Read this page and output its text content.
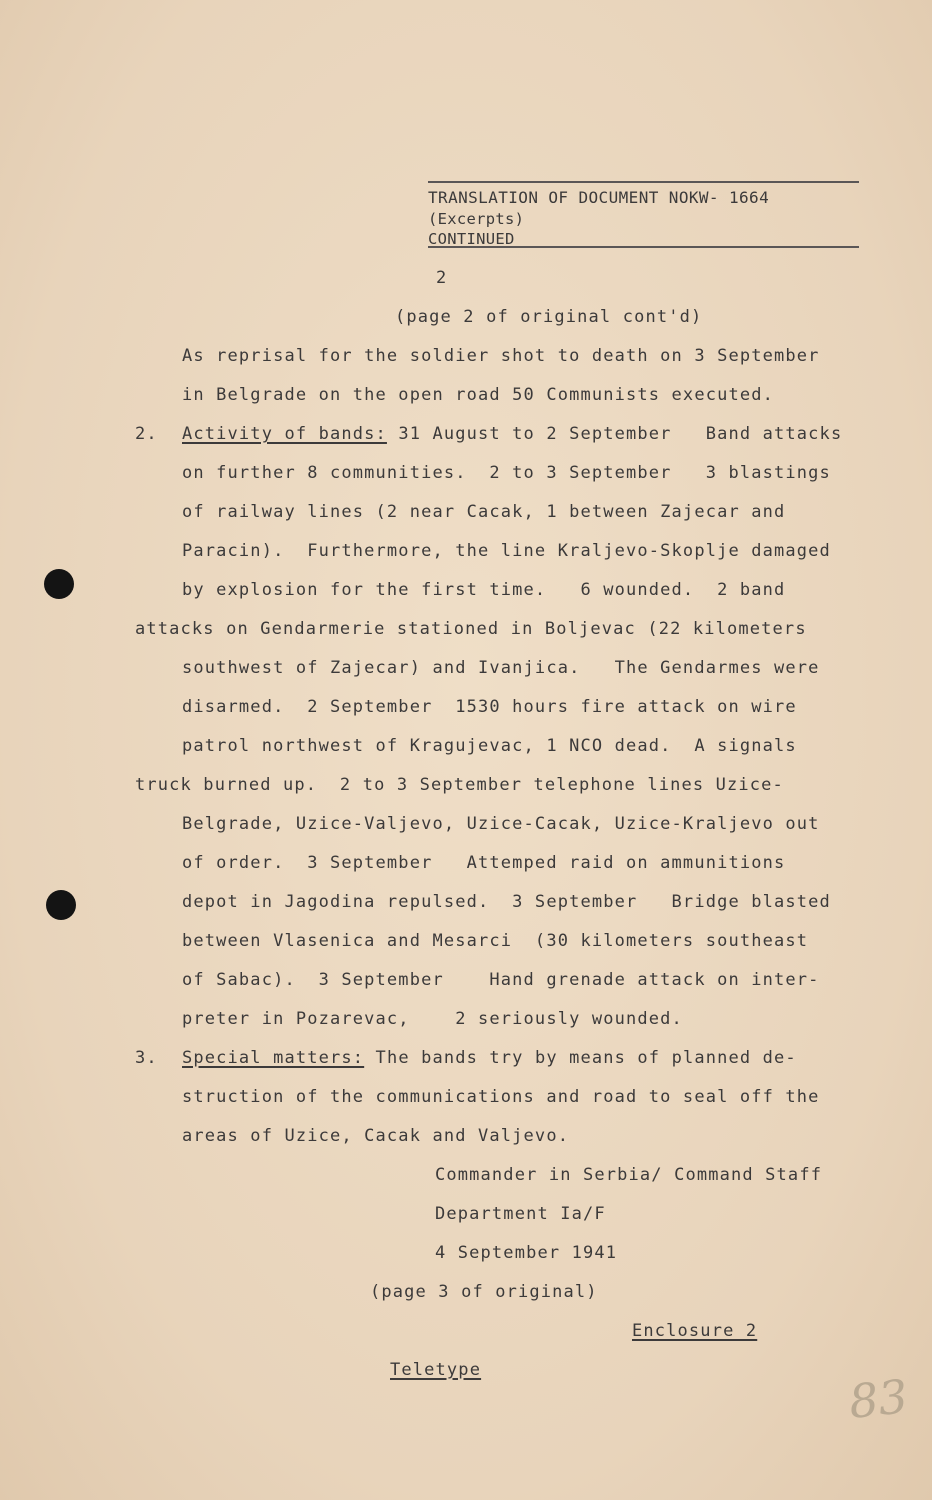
TRANSLATION OF DOCUMENT NOKW- 1664
(Excerpts)
CONTINUED
2
(page 2 of original cont'd)
As reprisal for the soldier shot to death on 3 September
in Belgrade on the open road 50 Communists executed.
2. Activity of bands: 31 August to 2 September   Band attacks
on further 8 communities.  2 to 3 September   3 blastings
of railway lines (2 near Cacak, 1 between Zajecar and
Paracin).  Furthermore, the line Kraljevo-Skoplje damaged
by explosion for the first time.   6 wounded.  2 band
attacks on Gendarmerie stationed in Boljevac (22 kilometers
southwest of Zajecar) and Ivanjica.   The Gendarmes were
disarmed.  2 September  1530 hours fire attack on wire
patrol northwest of Kragujevac, 1 NCO dead.  A signals
truck burned up.  2 to 3 September telephone lines Uzice-
Belgrade, Uzice-Valjevo, Uzice-Cacak, Uzice-Kraljevo out
of order.  3 September   Attemped raid on ammunitions
depot in Jagodina repulsed.  3 September   Bridge blasted
between Vlasenica and Mesarci  (30 kilometers southeast
of Sabac).  3 September    Hand grenade attack on inter-
preter in Pozarevac,    2 seriously wounded.
3. Special matters: The bands try by means of planned de-
struction of the communications and road to seal off the
areas of Uzice, Cacak and Valjevo.
Commander in Serbia/ Command Staff
Department Ia/F
4 September 1941
(page 3 of original)
Enclosure 2
Teletype	83
